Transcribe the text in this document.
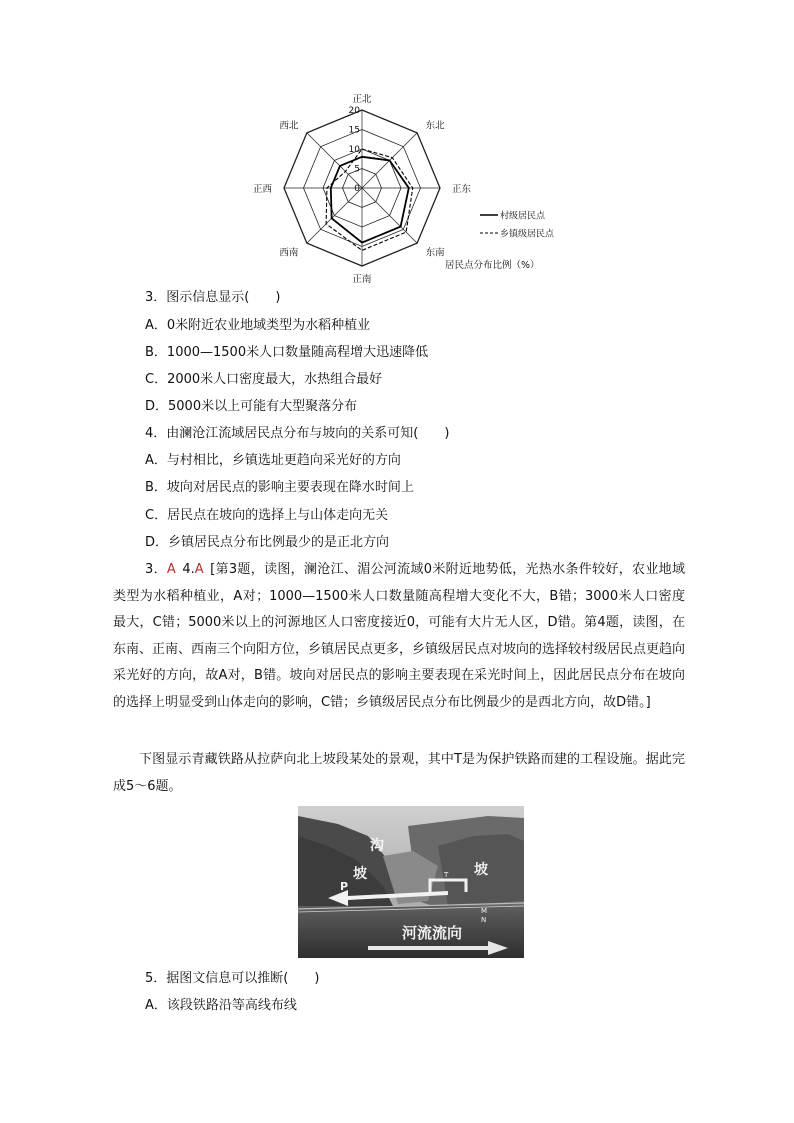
0
5
10
15
20
正北
东北
正东
东南
正南
西南
正西
西北
村级居民点
乡镇级居民点
居民点分布比例（%）
3．图示信息显示(　　)
A．0米附近农业地域类型为水稻种植业
B．1000—1500米人口数量随高程增大迅速降低
C．2000米人口密度最大，水热组合最好
D．5000米以上可能有大型聚落分布
4．由澜沧江流域居民点分布与坡向的关系可知(　　)
A．与村相比，乡镇选址更趋向采光好的方向
B．坡向对居民点的影响主要表现在降水时间上
C．居民点在坡向的选择上与山体走向无关
D．乡镇居民点分布比例最少的是正北方向
3．A  4.A  [第3题，读图，澜沧江、湄公河流域0米附近地势低，光热水条件较好，农业地域类型为水稻种植业，A对；1000—1500米人口数量随高程增大变化不大，B错；3000米人口密度最大，C错；5000米以上的河源地区人口密度接近0，可能有大片无人区，D错。第4题，读图，在东南、正南、西南三个向阳方位，乡镇居民点更多，乡镇级居民点对坡向的选择较村级居民点更趋向采光好的方向，故A对，B错。坡向对居民点的影响主要表现在采光时间上，因此居民点分布在坡向的选择上明显受到山体走向的影响，C错；乡镇级居民点分布比例最少的是西北方向，故D错。]
下图显示青藏铁路从拉萨向北上坡段某处的景观，其中T是为保护铁路而建的工程设施。据此完成5～6题。
沟
坡	坡
P
T
M
N
河流流向
5．据图文信息可以推断(　　)
A．该段铁路沿等高线布线
